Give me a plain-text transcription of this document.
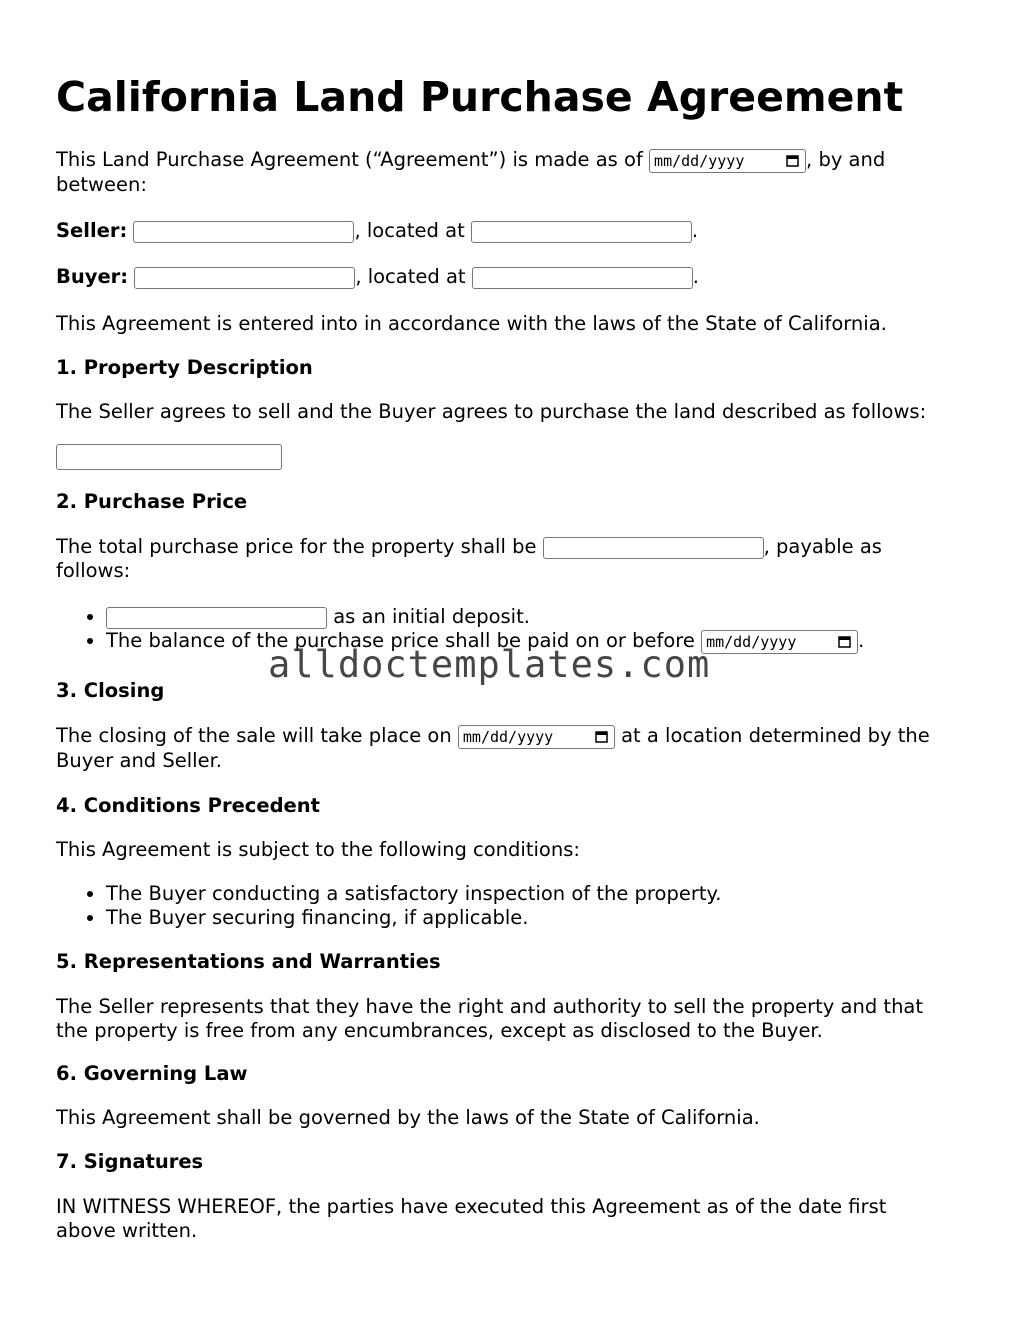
California Land Purchase Agreement

This Land Purchase Agreement (“Agreement”) is made as of mm/dd/yyyy	, by and between:

Seller:	, located at	.

Buyer:	, located at	.

This Agreement is entered into in accordance with the laws of the State of California.

1. Property Description

The Seller agrees to sell and the Buyer agrees to purchase the land described as follows:

2. Purchase Price

The total purchase price for the property shall be	, payable as follows:

• as an initial deposit.
• The balance of the purchase price shall be paid on or before mm/dd/yyyy	.

3. Closing

The closing of the sale will take place on mm/dd/yyyy	at a location determined by the Buyer and Seller.

4. Conditions Precedent

This Agreement is subject to the following conditions:

• The Buyer conducting a satisfactory inspection of the property.
• The Buyer securing financing, if applicable.

5. Representations and Warranties

The Seller represents that they have the right and authority to sell the property and that the property is free from any encumbrances, except as disclosed to the Buyer.

6. Governing Law

This Agreement shall be governed by the laws of the State of California.

7. Signatures

IN WITNESS WHEREOF, the parties have executed this Agreement as of the date first above written.

alldoctemplates.com
